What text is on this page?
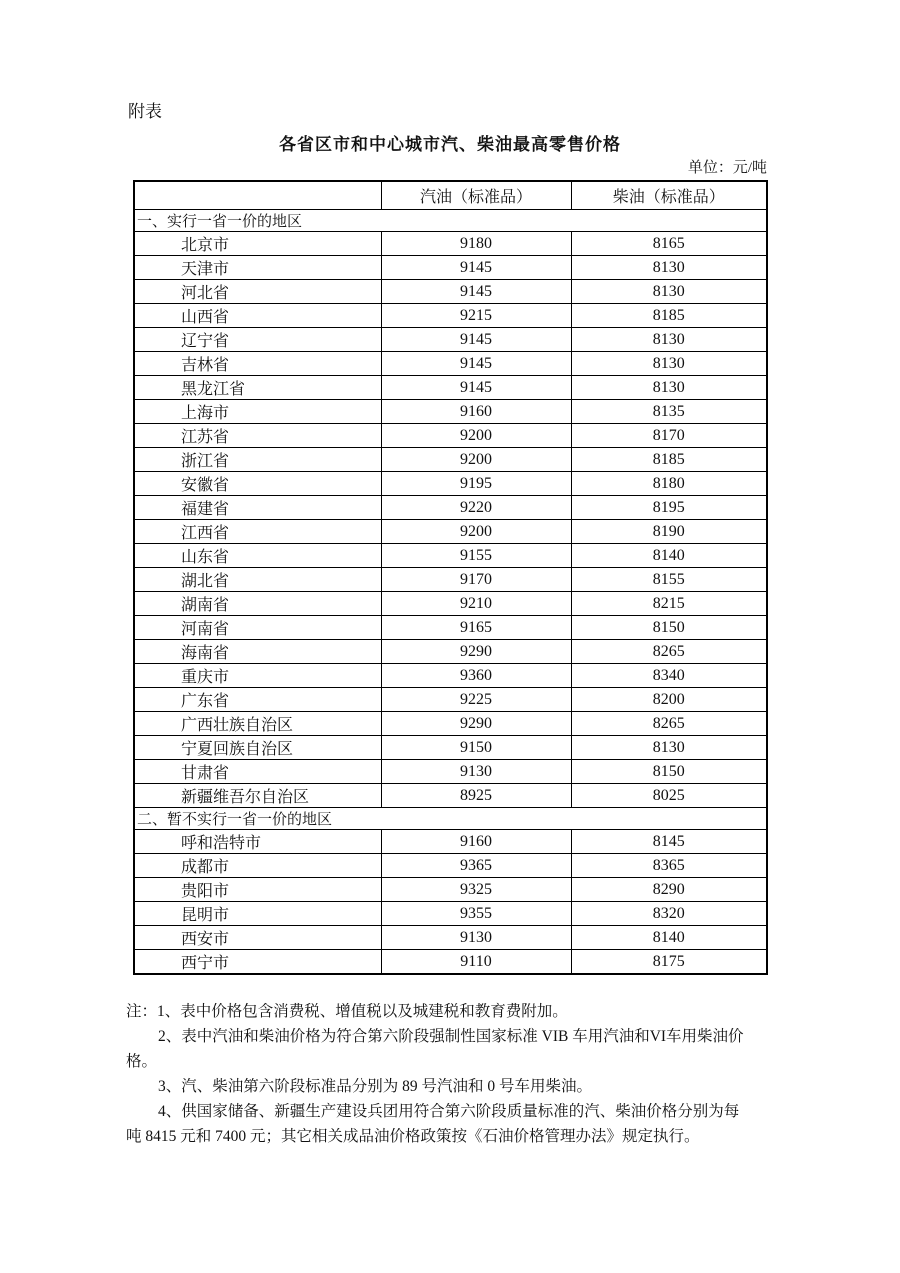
附表
各省区市和中心城市汽、柴油最高零售价格
单位：元/吨
	汽油（标准品）	柴油（标准品）
一、实行一省一价的地区		
北京市	9180	8165
天津市	9145	8130
河北省	9145	8130
山西省	9215	8185
辽宁省	9145	8130
吉林省	9145	8130
黑龙江省	9145	8130
上海市	9160	8135
江苏省	9200	8170
浙江省	9200	8185
安徽省	9195	8180
福建省	9220	8195
江西省	9200	8190
山东省	9155	8140
湖北省	9170	8155
湖南省	9210	8215
河南省	9165	8150
海南省	9290	8265
重庆市	9360	8340
广东省	9225	8200
广西壮族自治区	9290	8265
宁夏回族自治区	9150	8130
甘肃省	9130	8150
新疆维吾尔自治区	8925	8025
二、暂不实行一省一价的地区		
呼和浩特市	9160	8145
成都市	9365	8365
贵阳市	9325	8290
昆明市	9355	8320
西安市	9130	8140
西宁市	9110	8175
注：1、表中价格包含消费税、增值税以及城建税和教育费附加。
2、表中汽油和柴油价格为符合第六阶段强制性国家标准 VIB 车用汽油和VI车用柴油价
格。
3、汽、柴油第六阶段标准品分别为 89 号汽油和 0 号车用柴油。
4、供国家储备、新疆生产建设兵团用符合第六阶段质量标准的汽、柴油价格分别为每
吨 8415 元和 7400 元；其它相关成品油价格政策按《石油价格管理办法》规定执行。
